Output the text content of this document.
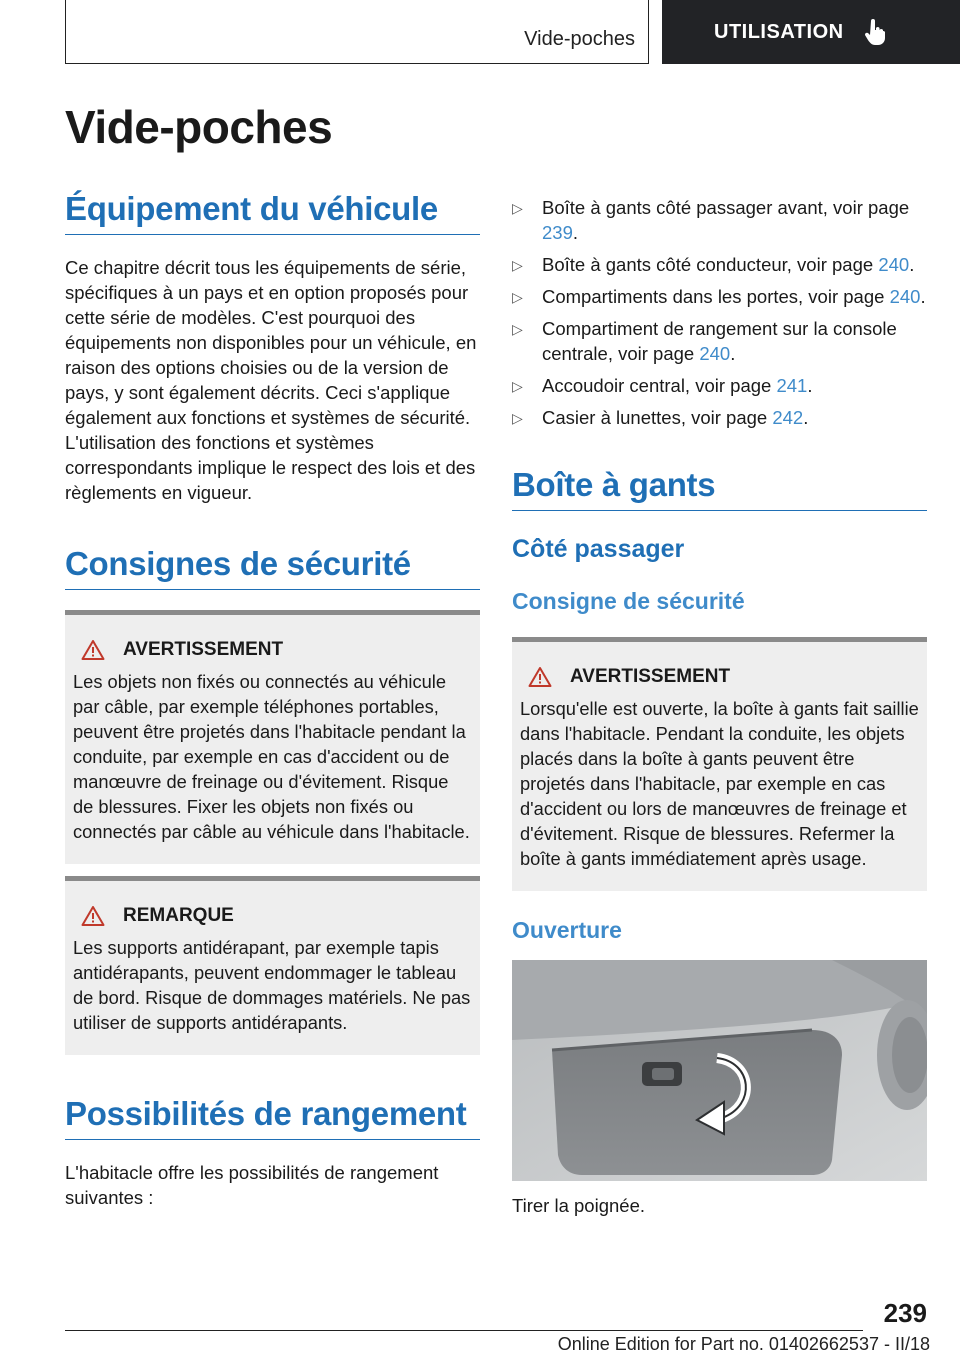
Vide-poches	UTILISATION
Vide-poches
Équipement du véhicule

Ce chapitre décrit tous les équipements de série, spécifiques à un pays et en option proposés pour cette série de modèles. C'est pourquoi des équipements non disponibles pour un véhicule, en raison des options choisies ou de la version de pays, y sont également décrits. Ceci s'applique également aux fonctions et systèmes de sécurité. L'utilisation des fonctions et systèmes correspondants implique le respect des lois et des règlements en vigueur.

Consignes de sécurité
AVERTISSEMENT

Les objets non fixés ou connectés au véhicule par câble, par exemple téléphones portables, peuvent être projetés dans l'habitacle pendant la conduite, par exemple en cas d'accident ou de manœuvre de freinage ou d'évitement. Risque de blessures. Fixer les objets non fixés ou connectés par câble au véhicule dans l'habitacle.

REMARQUE

Les supports antidérapant, par exemple tapis antidérapants, peuvent endommager le tableau de bord. Risque de dommages matériels. Ne pas utiliser de supports antidérapants.

Possibilités de rangement

L'habitacle offre les possibilités de rangement suivantes :

▷ Boîte à gants côté passager avant, voir page 239.
▷ Boîte à gants côté conducteur, voir page 240.
▷ Compartiments dans les portes, voir page 240.
▷ Compartiment de rangement sur la console centrale, voir page 240.
▷ Accoudoir central, voir page 241.
▷ Casier à lunettes, voir page 242.
Boîte à gants
Côté passager
Consigne de sécurité
AVERTISSEMENT

Lorsqu'elle est ouverte, la boîte à gants fait saillie dans l'habitacle. Pendant la conduite, les objets placés dans la boîte à gants peuvent être projetés dans l'habitacle, par exemple en cas d'accident ou lors de manœuvres de freinage et d'évitement. Risque de blessures. Refermer la boîte à gants immédiatement après usage.

Ouverture

Tirer la poignée.

239
Online Edition for Part no. 01402662537 - II/18
